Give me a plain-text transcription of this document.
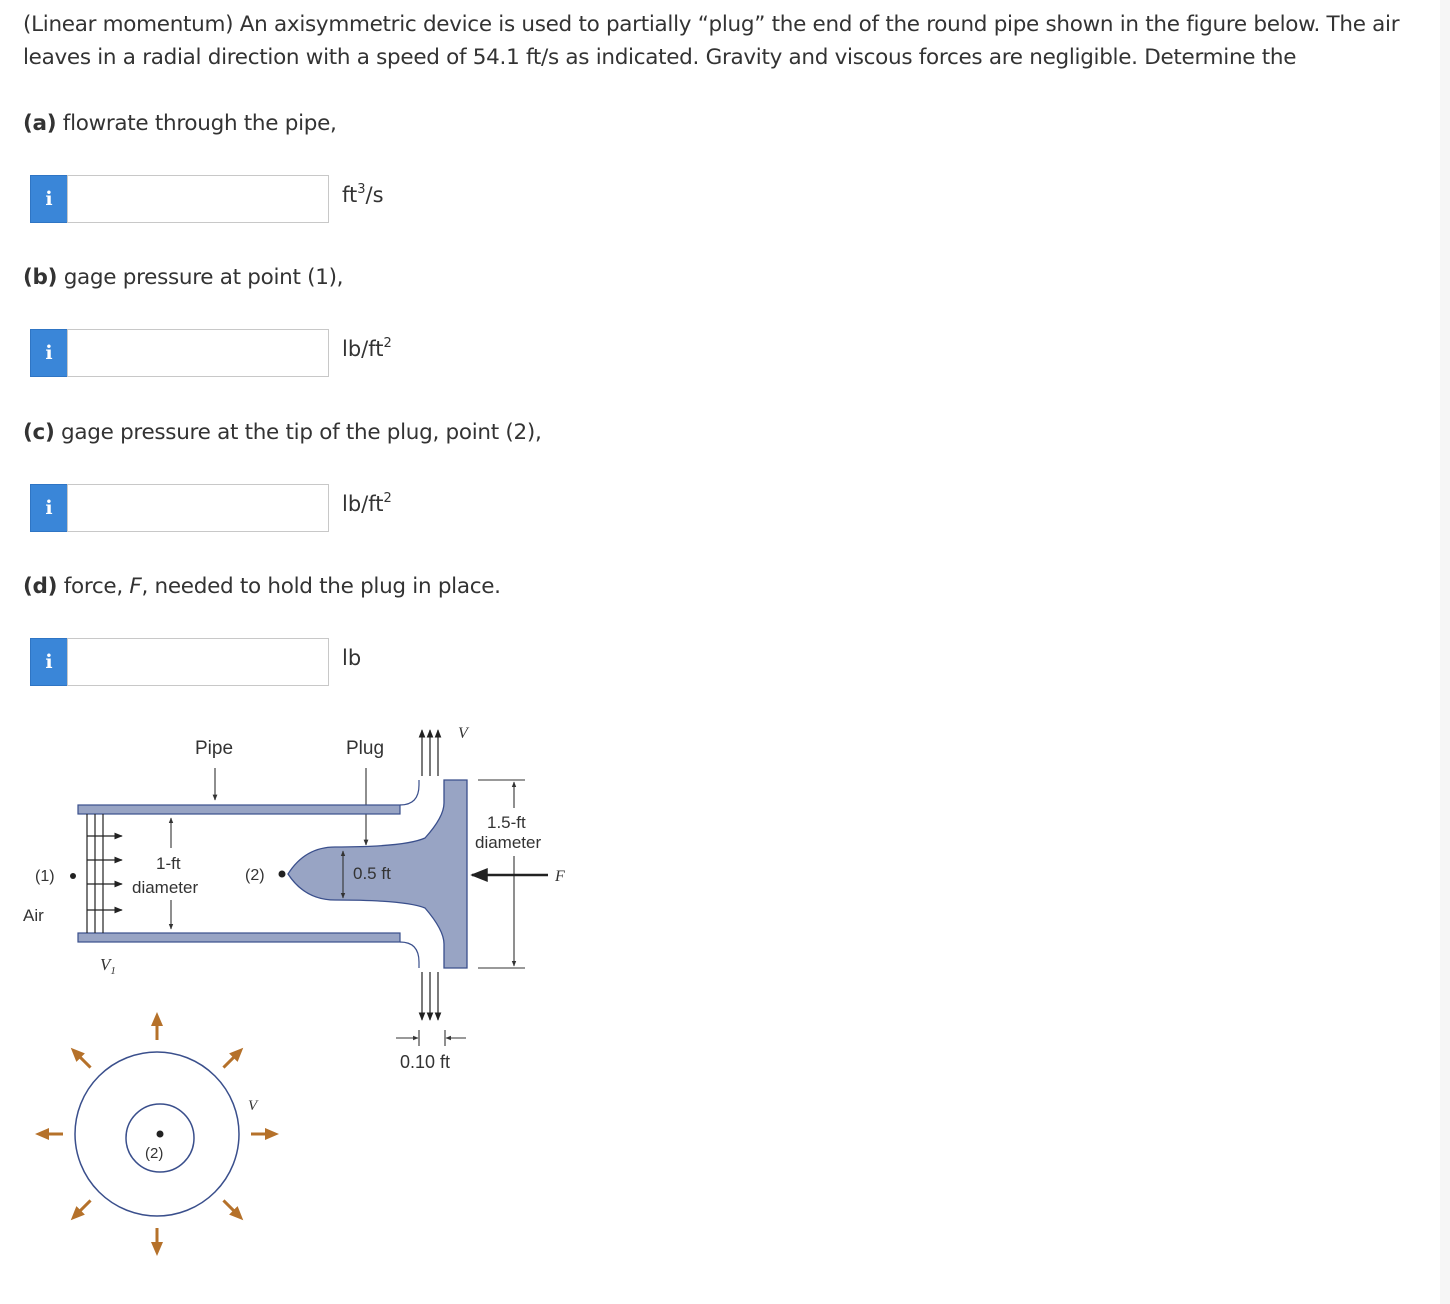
(Linear momentum) An axisymmetric device is used to partially “plug” the end of the round pipe shown in the figure below. The air
leaves in a radial direction with a speed of 54.1 ft/s as indicated. Gravity and viscous forces are negligible. Determine the
(a) flowrate through the pipe,
i	$ft^3/s$
(b) gage pressure at point (1),
i	$lb/ft^2$
(c) gage pressure at the tip of the plug, point (2),
i	$lb/ft^2$
(d) force, F, needed to hold the plug in place.
i	lb
Pipe	Plug
V
1-ft
diameter
(1)	(2)
Air
0.5 ft
$V_1$
0.10 ft
1.5-ft
diameter
F
(2)
V
